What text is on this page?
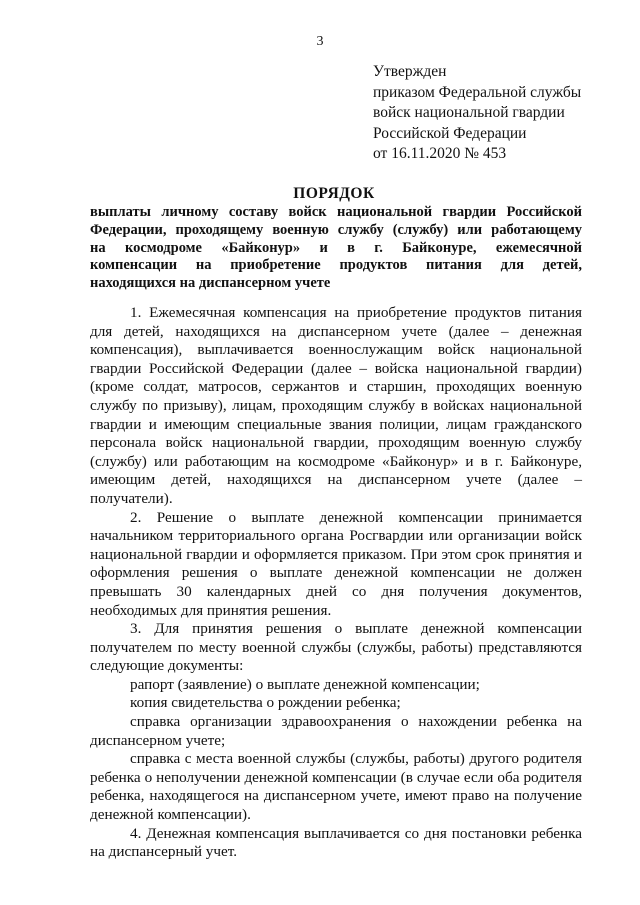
3
Утвержден
приказом Федеральной службы
войск национальной гвардии
Российской Федерации
от 16.11.2020 № 453
ПОРЯДОК
выплаты личному составу войск национальной гвардии Российской
Федерации, проходящему военную службу (службу) или работающему
на космодроме «Байконур» и в г. Байконуре, ежемесячной
компенсации на приобретение продуктов питания для детей,
находящихся на диспансерном учете

1. Ежемесячная компенсация на приобретение продуктов питания для детей, находящихся на диспансерном учете (далее – денежная компенсация), выплачивается военнослужащим войск национальной гвардии Российской Федерации (далее – войска национальной гвардии) (кроме солдат, матросов, сержантов и старшин, проходящих военную службу по призыву), лицам, проходящим службу в войсках национальной гвардии и имеющим специальные звания полиции, лицам гражданского персонала войск национальной гвардии, проходящим военную службу (службу) или работающим на космодроме «Байконур» и в г. Байконуре, имеющим детей, находящихся на диспансерном учете (далее – получатели).

2. Решение о выплате денежной компенсации принимается начальником территориального органа Росгвардии или организации войск национальной гвардии и оформляется приказом. При этом срок принятия и оформления решения о выплате денежной компенсации не должен превышать 30 календарных дней со дня получения документов, необходимых для принятия решения.

3. Для принятия решения о выплате денежной компенсации получателем по месту военной службы (службы, работы) представляются следующие документы:

рапорт (заявление) о выплате денежной компенсации;

копия свидетельства о рождении ребенка;

справка организации здравоохранения о нахождении ребенка на диспансерном учете;

справка с места военной службы (службы, работы) другого родителя ребенка о неполучении денежной компенсации (в случае если оба родителя ребенка, находящегося на диспансерном учете, имеют право на получение денежной компенсации).

4. Денежная компенсация выплачивается со дня постановки ребенка на диспансерный учет.
